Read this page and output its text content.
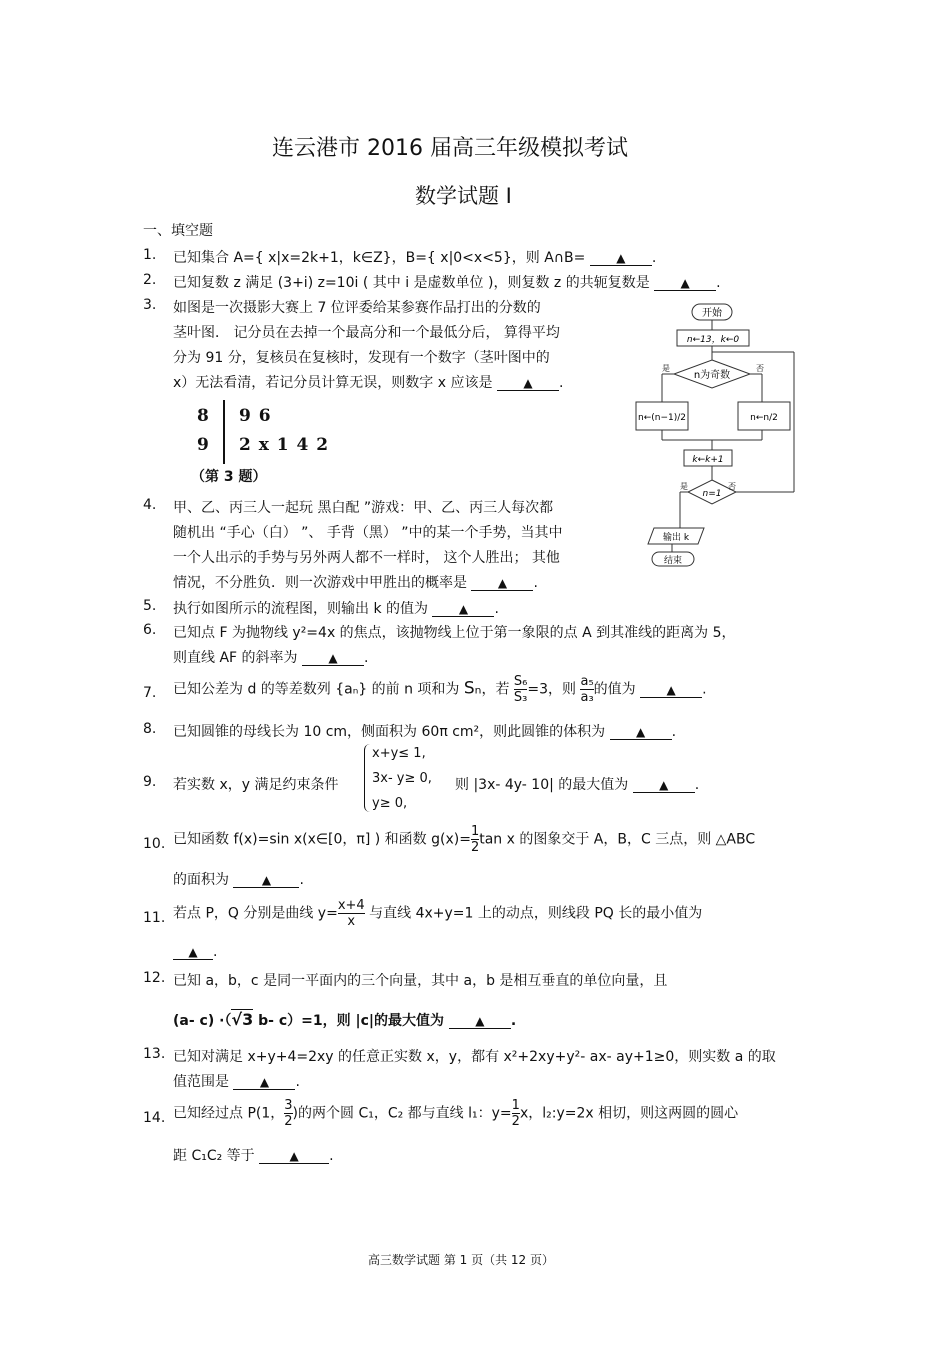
连云港市 2016 届高三年级模拟考试
数学试题 Ⅰ
一、填空题
1. 已知集合 A={ x|x=2k+1，k∈Z}，B={ x|0<x<5}，则 A∩B=	▲ .
2. 已知复数 z 满足 (3+i) z=10i ( 其中 i 是虚数单位 )，则复数 z 的共轭复数是	▲ .
3. 如图是一次摄影大赛上 7 位评委给某参赛作品打出的分数的
茎叶图． 记分员在去掉一个最高分和一个最低分后， 算得平均
分为 91 分，复核员在复核时，发现有一个数字（茎叶图中的
x）无法看清，若记分员计算无误，则数字 x 应该是	▲ .
8 9 6
9 2 x 1 4 2
（第 3 题）
开始
n←13，k←0
n为奇数
是	否
n←(n−1)/2	n←n/2
k←k+1
n=1
是	否
输出 k
结束
4. 甲、乙、丙三人一起玩 黑白配 ”游戏：甲、乙、丙三人每次都
随机出 “手心（白） ”、 手背（黑） ”中的某一个手势，当其中
一个人出示的手势与另外两人都不一样时， 这个人胜出； 其他
情况，不分胜负．则一次游戏中甲胜出的概率是	▲ .
5. 执行如图所示的流程图，则输出 k 的值为	▲ .
6. 已知点 F 为抛物线 y²=4x 的焦点，该抛物线上位于第一象限的点 A 到其准线的距离为 5，
则直线 AF 的斜率为	▲ .
7. 已知公差为 d 的等差数列 {aₙ} 的前 n 项和为 Sₙ，若 $\frac{\text{S₆}}{\text{S₃}} =3$，则 $\frac{\text{a₅}}{\text{a₃}}$ 的值为	▲ .
8. 已知圆锥的母线长为 10 cm，侧面积为 60π cm²，则此圆锥的体积为	▲ .
9. 若实数 x，y 满足约束条件
x+y≤ 1,
3x- y≥ 0,
y≥ 0,
则 |3x- 4y- 10| 的最大值为	▲ .
10. 已知函数 f(x)=sin x(x∈[0，π] ) 和函数 $g(x)= \frac{1}{2}$ tan x 的图象交于 A，B，C 三点，则 △ABC
的面积为	▲ .
11. 若点 P，Q 分别是曲线 $y= \frac{x+4}{x}$ 与直线 4x+y=1 上的动点，则线段 PQ 长的最小值为
▲ .
12. 已知 a，b，c 是同一平面内的三个向量，其中 a，b 是相互垂直的单位向量，且
(a- c) ·（√3 b- c）=1，则 |c|的最大值为	▲ .
13. 已知对满足 x+y+4=2xy 的任意正实数 x，y，都有 x²+2xy+y²- ax- ay+1≥0，则实数 a 的取
值范围是	▲ .
14. 已知经过点 P(1， $\frac{3}{2}$ )的两个圆 C₁，C₂ 都与直线 l₁：$y= \frac{1}{2}$ x，l₂:y=2x 相切，则这两圆的圆心
距 C₁C₂ 等于	▲ .
高三数学试题 第 1 页（共 12 页）
